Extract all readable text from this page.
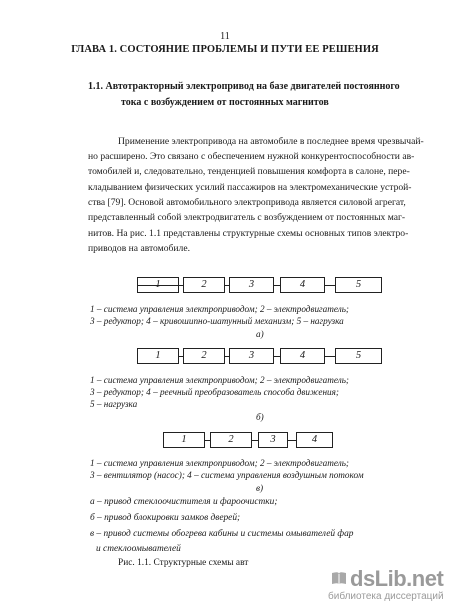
11
ГЛАВА 1. СОСТОЯНИЕ ПРОБЛЕМЫ И ПУТИ ЕЕ РЕШЕНИЯ
1.1. Автотракторный электропривод на базе двигателей постоянного
тока с возбуждением от постоянных магнитов
Применение электропривода на автомобиле в последнее время чрезвычай-
но расширено. Это связано с обеспечением нужной конкурентоспособности ав-
томобилей и, следовательно, тенденцией повышения комфорта в салоне, пере-
кладыванием физических усилий пассажиров на электромеханические устрой-
ства [79]. Основой автомобильного электропривода является силовой агрегат,
представленный собой электродвигатель с возбуждением от постоянных маг-
нитов. На рис. 1.1 представлены структурные схемы основных типов электро-
приводов на автомобиле.
1	2	3	4	5
1 – система управления электроприводом; 2 – электродвигатель;
3 – редуктор; 4 – кривошипно-шатунный механизм; 5 – нагрузка
а)
1	2	3	4	5
1 – система управления электроприводом; 2 – электродвигатель;
3 – редуктор; 4 – реечный преобразователь способа движения;
5 – нагрузка
б)
1	2	3	4
1 – система управления электроприводом; 2 – электродвигатель;
3 – вентилятор (насос); 4 – система управления воздушным потоком
в)
а – привод стеклоочистителя и фароочистки;
б – привод блокировки замков дверей;
в – привод системы обогрева кабины и системы омывателей фар
и стеклоомывателей
Рис. 1.1. Структурные схемы авт
dsLib.net
библиотека диссертаций
